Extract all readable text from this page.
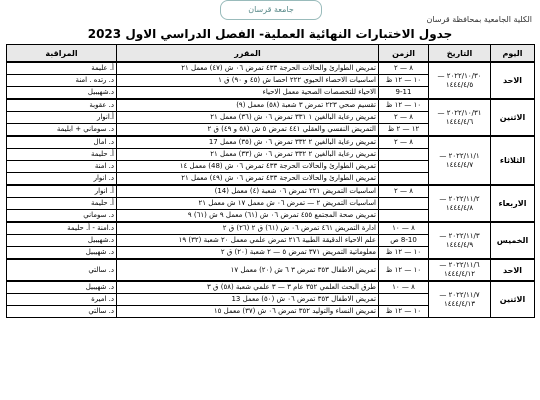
جامعة قرسان
الكلية الجامعية بمحافظة قرسان
جدول الاختبارات النهائية العملية- الفصل الدراسي الاول 2023
اليوم	التاريخ	الزمن	المقرر	المراقبة
الاحد	٢٠٢٢/١٠/٣٠ — ١٤٤٤/٤/٥	٨ — ٢	تمريض الطوارئ والحالات الحرجة ٤٣٣ تمرض ٠٦ ش (٤٧) معمل ٢١	أ. عليمة
		١٠ — ١٢ ظ	اساسيات الاحصاء الحيوي ٢٢٢ احصا ش (٤٥ و ٩٠) ق ١	د. رتده . امنة
		9-11	الاحياء للتخصصات الصحية معمل الاحياء	د.شهيبيل
الاثنين	٢٠٢٢/١٠/٣١ — ١٤٤٤/٤/٦	١٠ — ١٢ ظ	تقسيم صحي ٢٢٣ تمرض ٣ شعبة (٥٨) معمل (٩)	د. عقوبة
		٨ — ٢	تمريض رعاية البالغين ١ ٣٣١ تمرض ٠٦ ش (٣٦) معمل ٢١	أ.انوار
		١٢ — ٢ ظ	التمريض النفسي والعقلي ٤٤١ تمرض ٥ ش (٥٨ و ٤٩) ق ٢	د. سوماني + ابليمة
الثلاثاء	٢٠٢٢/١١/١ — ١٤٤٤/٤/٧	٨ — ٢	تمريض رعاية البالغين ٢ ٣٣٢ تمرض ٠٦ ش (٣٥) معمل 17	د. امال
			تمريض رعاية البالغين ٢ ٣٣٢ تمرض ٠٦ ش (٣٣) معمل ٢١	أ. حليمة
			تمريض الطوارئ والحالات الحرجة ٤٣٣ تمرض ٠٦ ش (48) معمل ١٤	د. امنة
			تمريض الطوارئ والحالات الحرجة ٤٣٣ تمرض ٠٦ ش (٤٩) معمل ٢١	د. انوار
الاربعاء	٢٠٢٢/١١/٢ — ١٤٤٤/٤/٨	٨ — ٢	اساسيات التمريض ٢٢١ تمرض ٠٦ شعبة (٤) معمل (14)	أ. انوار
			اساسيات التمريض ٢ — تمرض ٠٦ ش معمل ١٧ ش معمل ٢١	أ. حليمة
			تمريض صحة المجتمع ٤٥٥ تمرض ٠٦ ش (٦١) معمل ٩ ش (٦١) ٩	د. سوماني
الخميس	٢٠٢٢/١١/٣ — ١٤٤٤/٤/٩	٨ — ١٠	ادارة التمريض ٤٦١ تمرض ٠٦ ش (٦١) ق ٢ (٢٦) ق ٢	د.امنة - أ. حليمة
		8-10 ص	علم الاحياء الدقيقة الطبية ٢١٦ تمرض علمي معمل ٢٠ شعبة (٣٢) ١٩	د.شهيبيل
		١٠ — ١٢ ظ	معلوماتية التمريض ٣٧١ تمرض ٥ — ٢ شعبة (٢٠) ق ٢	د. شهيبيل
الاحد	٢٠٢٢/١١/٦ — ١٤٤٤/٤/١٢	١٠ — ١٢ ظ	تمريض الاطفال ٣٥٣ تمرض ٣ ٦ ش (٢٠) معمل ١٧	د. سالتي
الاثنين	٢٠٢٢/١١/٧ — ١٤٤٤/٤/١٣	٨ — ١٠	طرق البحث العلمي ٣٥٢ عام ٣ — ٣ علمي شعبة (٥٨) ق ٣	د. شهيبيل
			تمريض الاطفال ٣٥٣ تمرض ٠٦ ش (٥٠) معمل 13	د. اميرة
		١٠ — ١٢ ظ	تمريض النساء والتوليد ٣٥٢ تمرض ٠٦ ش (٣٧) معمل ١٥	د. سالتي
